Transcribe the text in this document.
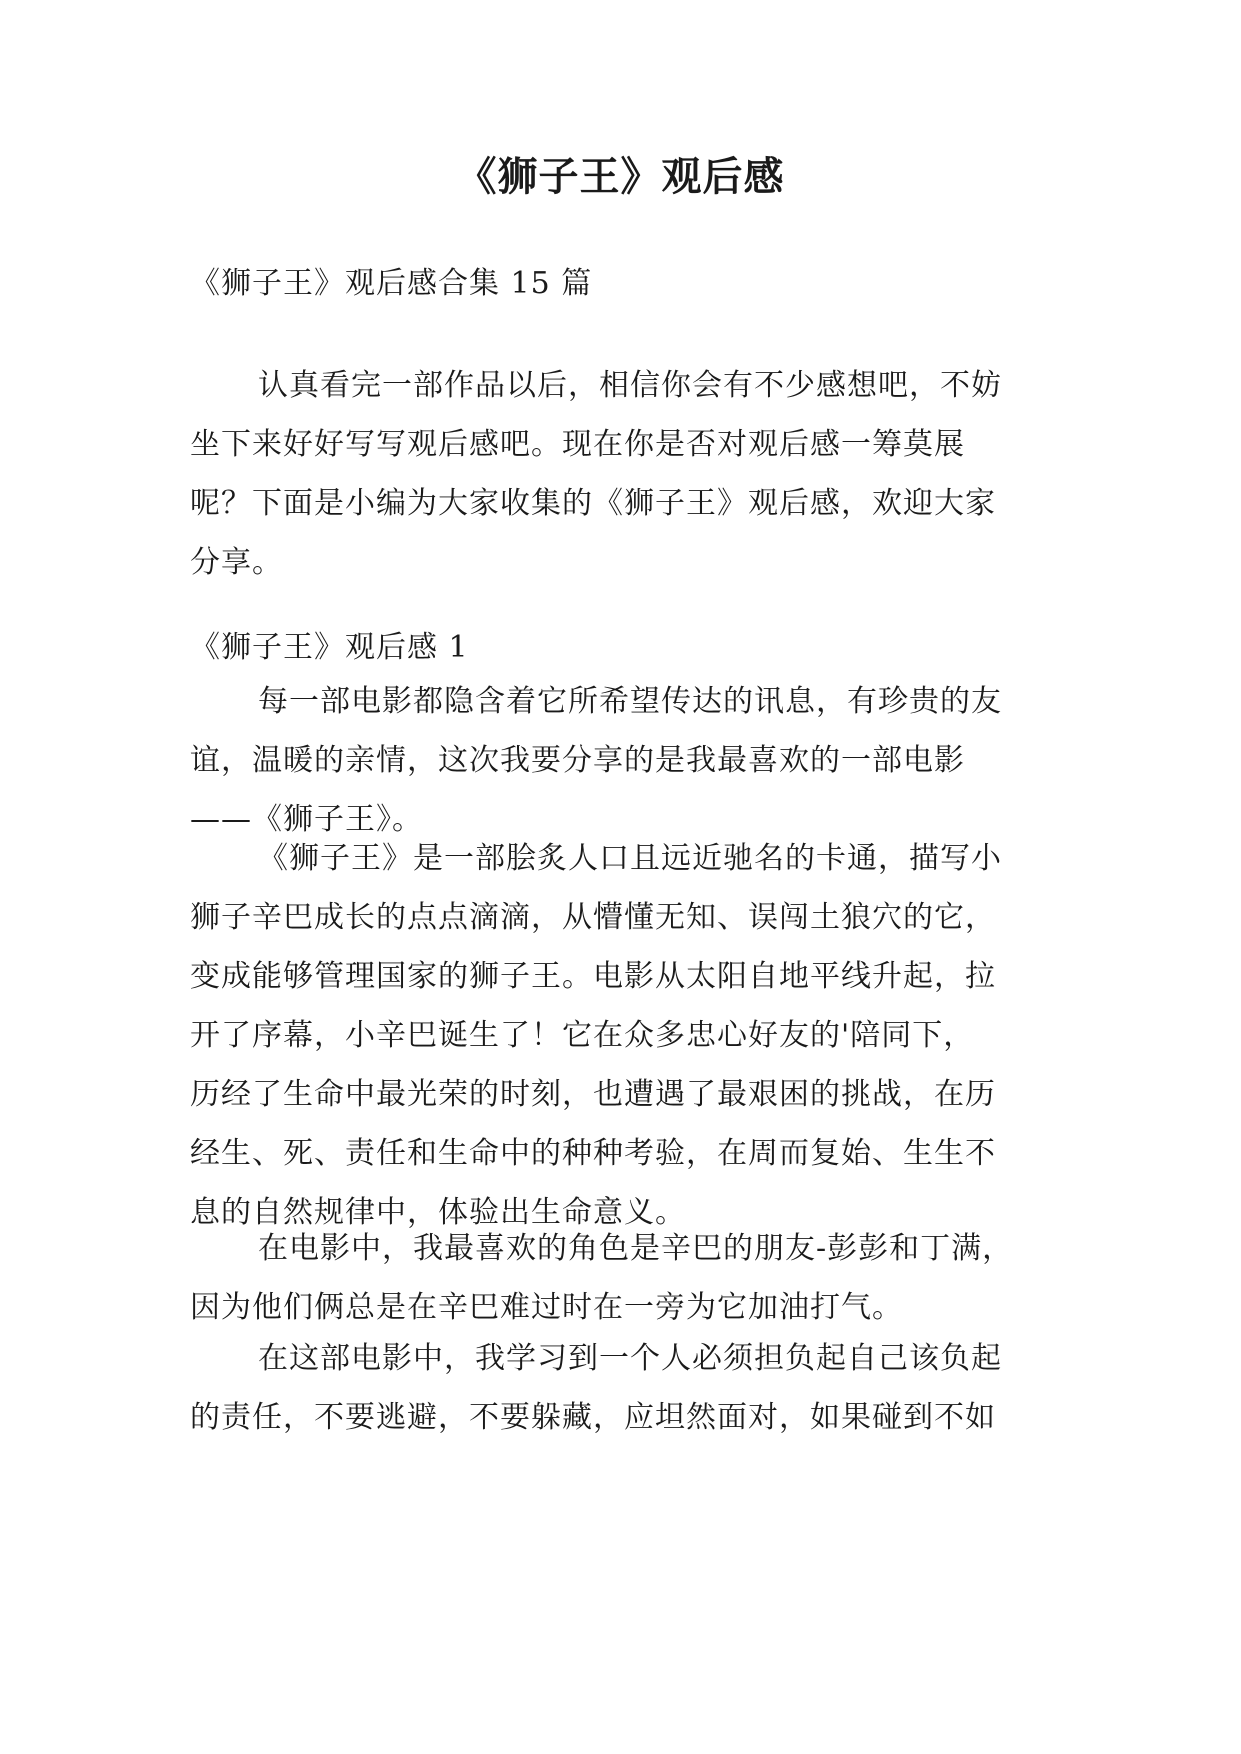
《狮子王》观后感

《狮子王》观后感合集 15 篇

认真看完一部作品以后，相信你会有不少感想吧，不妨
坐下来好好写写观后感吧。现在你是否对观后感一筹莫展
呢？下面是小编为大家收集的《狮子王》观后感，欢迎大家
分享。

《狮子王》观后感 1

每一部电影都隐含着它所希望传达的讯息，有珍贵的友
谊，温暖的亲情，这次我要分享的是我最喜欢的一部电影
——《狮子王》。

《狮子王》是一部脍炙人口且远近驰名的卡通，描写小
狮子辛巴成长的点点滴滴，从懵懂无知、误闯土狼穴的它，
变成能够管理国家的狮子王。电影从太阳自地平线升起，拉
开了序幕，小辛巴诞生了！它在众多忠心好友的'陪同下，
历经了生命中最光荣的时刻，也遭遇了最艰困的挑战，在历
经生、死、责任和生命中的种种考验，在周而复始、生生不
息的自然规律中，体验出生命意义。

在电影中，我最喜欢的角色是辛巴的朋友-彭彭和丁满，
因为他们俩总是在辛巴难过时在一旁为它加油打气。

在这部电影中，我学习到一个人必须担负起自己该负起
的责任，不要逃避，不要躲藏，应坦然面对，如果碰到不如
